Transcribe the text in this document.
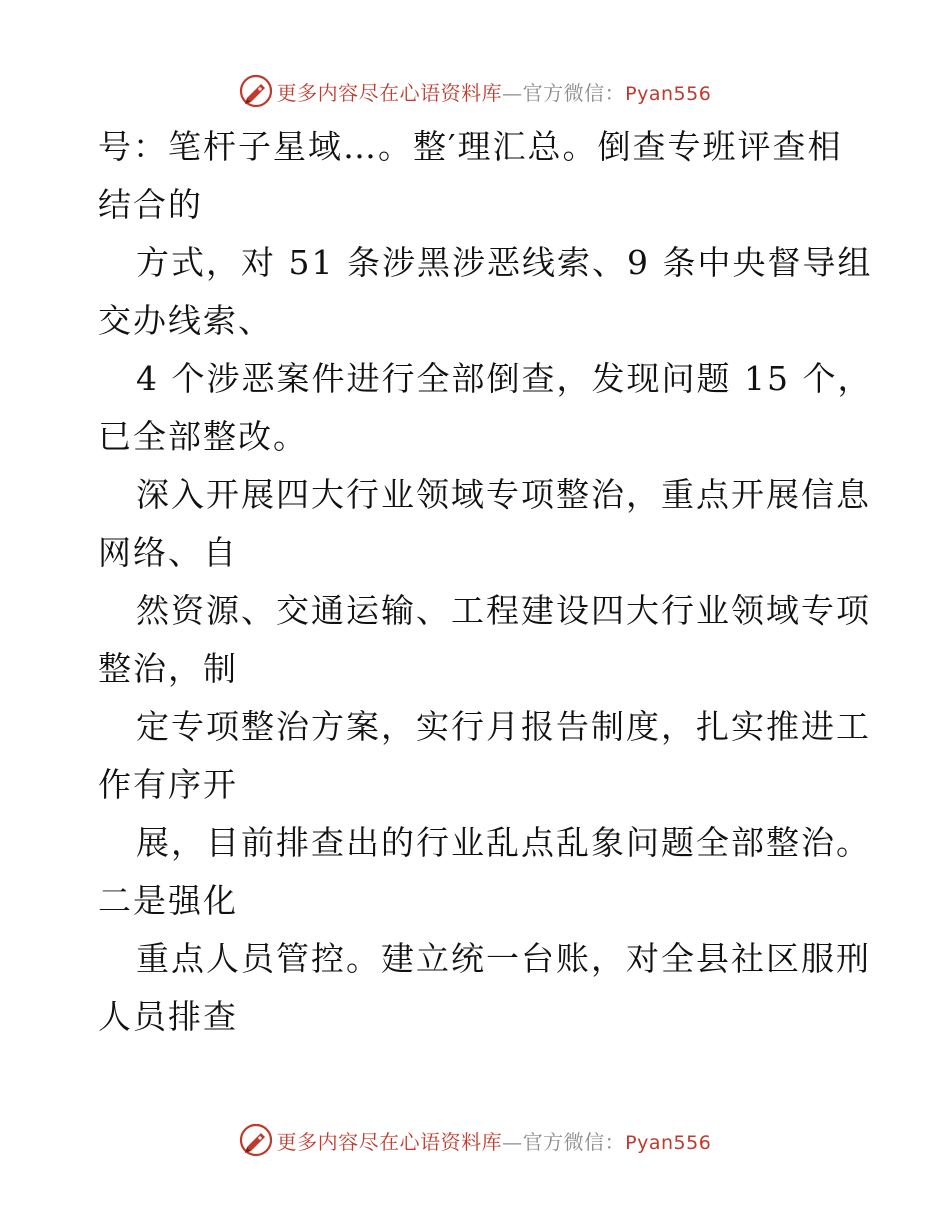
更多内容尽在心语资料库—官方微信：Pyan556
号：笔杆子星域…。整′理汇总。倒查专班评查相
结合的
方式，对 51 条涉黑涉恶线索、9 条中央督导组
交办线索、
4 个涉恶案件进行全部倒查，发现问题 15 个，
已全部整改。
深入开展四大行业领域专项整治，重点开展信息
网络、自
然资源、交通运输、工程建设四大行业领域专项
整治，制
定专项整治方案，实行月报告制度，扎实推进工
作有序开
展，目前排查出的行业乱点乱象问题全部整治。
二是强化
重点人员管控。建立统一台账，对全县社区服刑
人员排查
更多内容尽在心语资料库—官方微信：Pyan556
